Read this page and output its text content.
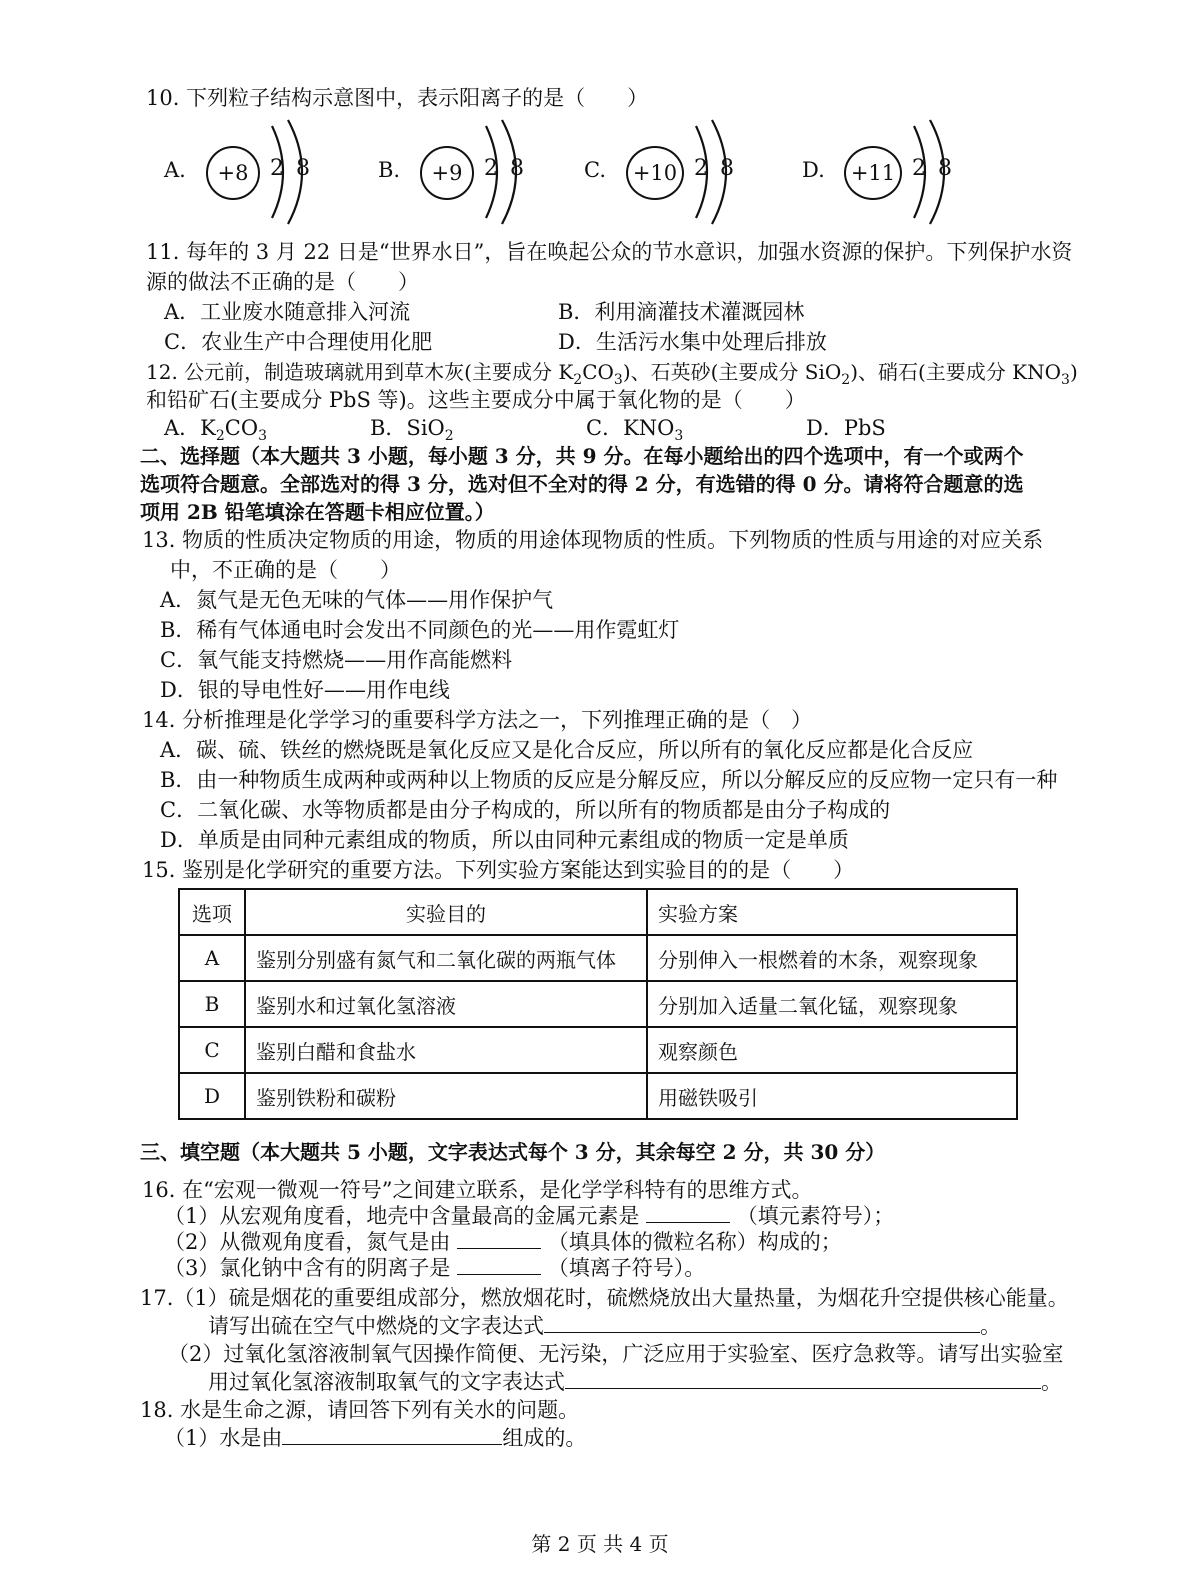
10. 下列粒子结构示意图中，表示阳离子的是（　　）
A.	+8 2 8	B.	+9 2 8	C.	+10 2 8	D.	+11 2 8
11. 每年的 3 月 22 日是“世界水日”，旨在唤起公众的节水意识，加强水资源的保护。下列保护水资
源的做法不正确的是（　　）
A．工业废水随意排入河流	B．利用滴灌技术灌溉园林
C．农业生产中合理使用化肥	D．生活污水集中处理后排放
12. 公元前，制造玻璃就用到草木灰(主要成分 $K_2CO_3$)、石英砂(主要成分 SiO$_2$)、硝石(主要成分 $KNO_3$)
和铅矿石(主要成分 PbS 等)。这些主要成分中属于氧化物的是（　　）
A．$K_2CO_3$	B．SiO$_2$	C．$KNO_3$	D．PbS
二、选择题（本大题共 3 小题，每小题 3 分，共 9 分。在每小题给出的四个选项中，有一个或两个
选项符合题意。全部选对的得 3 分，选对但不全对的得 2 分，有选错的得 0 分。请将符合题意的选
项用 2B 铅笔填涂在答题卡相应位置。）
13. 物质的性质决定物质的用途，物质的用途体现物质的性质。下列物质的性质与用途的对应关系
中，不正确的是（　　）
A．氮气是无色无味的气体——用作保护气
B．稀有气体通电时会发出不同颜色的光——用作霓虹灯
C．氧气能支持燃烧——用作高能燃料
D．银的导电性好——用作电线
14. 分析推理是化学学习的重要科学方法之一，下列推理正确的是（　）
A．碳、硫、铁丝的燃烧既是氧化反应又是化合反应，所以所有的氧化反应都是化合反应
B．由一种物质生成两种或两种以上物质的反应是分解反应，所以分解反应的反应物一定只有一种
C．二氧化碳、水等物质都是由分子构成的，所以所有的物质都是由分子构成的
D．单质是由同种元素组成的物质，所以由同种元素组成的物质一定是单质
15. 鉴别是化学研究的重要方法。下列实验方案能达到实验目的的是（　　）
选项	实验目的	实验方案
A	鉴别分别盛有氮气和二氧化碳的两瓶气体	分别伸入一根燃着的木条，观察现象
B	鉴别水和过氧化氢溶液	分别加入适量二氧化锰，观察现象
C	鉴别白醋和食盐水	观察颜色
D	鉴别铁粉和碳粉	用磁铁吸引
三、填空题（本大题共 5 小题，文字表达式每个 3 分，其余每空 2 分，共 30 分）
16. 在“宏观一微观一符号”之间建立联系，是化学学科特有的思维方式。
（1）从宏观角度看，地壳中含量最高的金属元素是	（填元素符号）；
（2）从微观角度看，氮气是由	（填具体的微粒名称）构成的；
（3）氯化钠中含有的阴离子是	（填离子符号）。
17.（1）硫是烟花的重要组成部分，燃放烟花时，硫燃烧放出大量热量，为烟花升空提供核心能量。
请写出硫在空气中燃烧的文字表达式	。
（2）过氧化氢溶液制氧气因操作简便、无污染，广泛应用于实验室、医疗急救等。请写出实验室
用过氧化氢溶液制取氧气的文字表达式	。
18. 水是生命之源，请回答下列有关水的问题。
（1）水是由	组成的。
第 2 页 共 4 页
